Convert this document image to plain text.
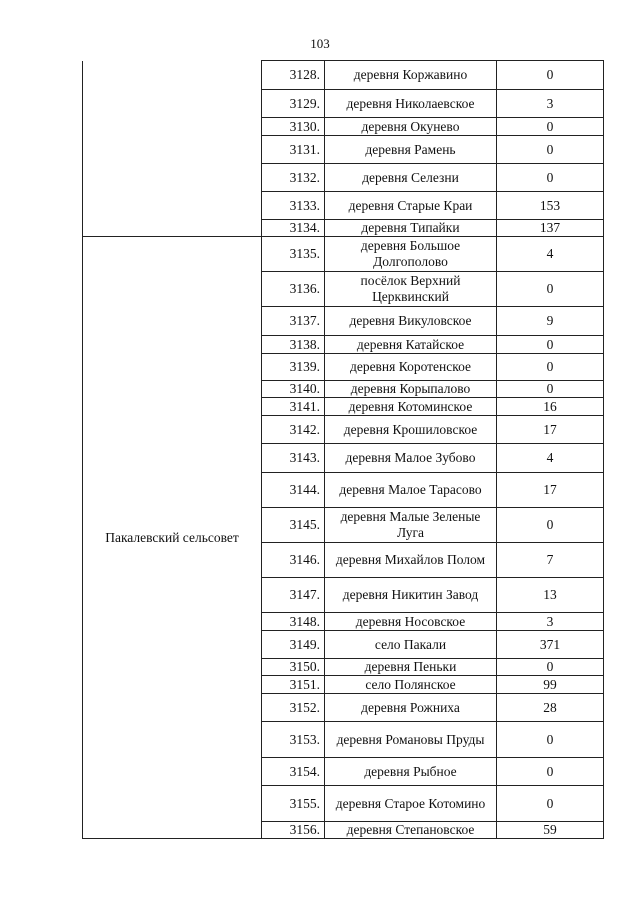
103
	3128.	деревня Коржавино	0
	3129.	деревня Николаевское	3
	3130.	деревня Окунево	0
	3131.	деревня Рамень	0
	3132.	деревня Селезни	0
	3133.	деревня Старые Краи	153
	3134.	деревня Типайки	137
Пакалевский сельсовет	3135.	деревня Большое Долгополово	4
	3136.	посёлок Верхний Церквинский	0
	3137.	деревня Викуловское	9
	3138.	деревня Катайское	0
	3139.	деревня Коротенское	0
	3140.	деревня Корыпалово	0
	3141.	деревня Котоминское	16
	3142.	деревня Крошиловское	17
	3143.	деревня Малое Зубово	4
	3144.	деревня Малое Тарасово	17
	3145.	деревня Малые Зеленые Луга	0
	3146.	деревня Михайлов Полом	7
	3147.	деревня Никитин Завод	13
	3148.	деревня Носовское	3
	3149.	село Пакали	371
	3150.	деревня Пеньки	0
	3151.	село Полянское	99
	3152.	деревня Рожниха	28
	3153.	деревня Романовы Пруды	0
	3154.	деревня Рыбное	0
	3155.	деревня Старое Котомино	0
	3156.	деревня Степановское	59
